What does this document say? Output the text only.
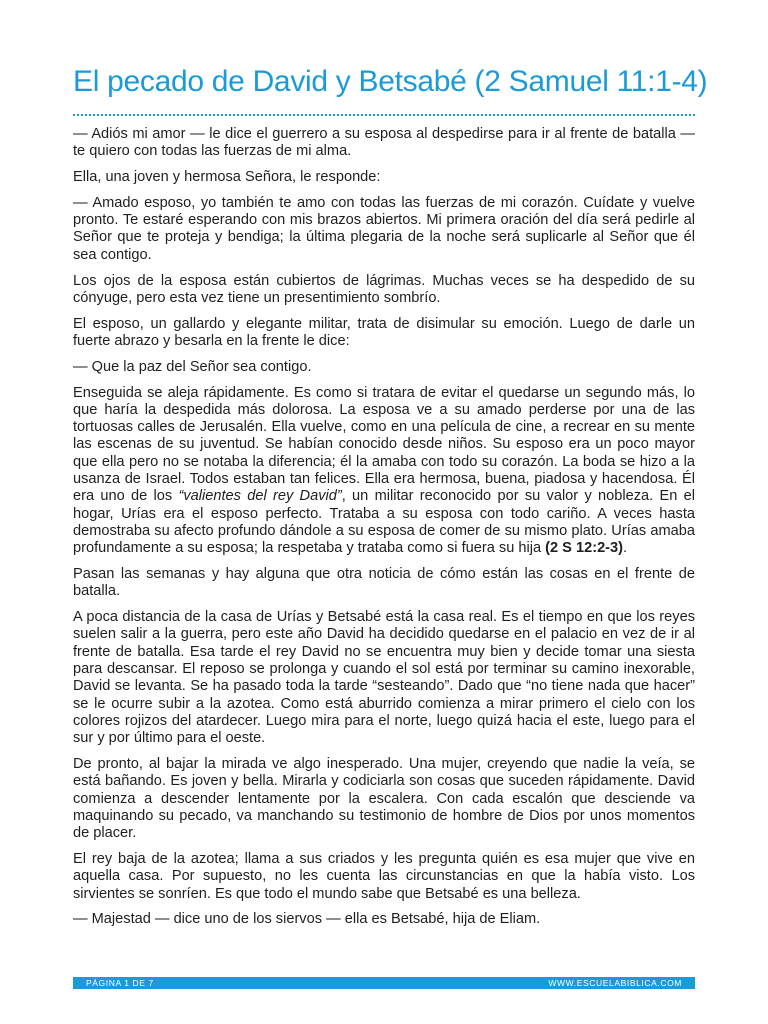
El pecado de David y Betsabé (2 Samuel 11:1-4)

— Adiós mi amor — le dice el guerrero a su esposa al despedirse para ir al frente de batalla — te quiero con todas las fuerzas de mi alma.

Ella, una joven y hermosa Señora, le responde:

— Amado esposo, yo también te amo con todas las fuerzas de mi corazón. Cuídate y vuelve pronto. Te estaré esperando con mis brazos abiertos. Mi primera oración del día será pedirle al Señor que te proteja y bendiga; la última plegaria de la noche será suplicarle al Señor que él sea contigo.

Los ojos de la esposa están cubiertos de lágrimas. Muchas veces se ha despedido de su cónyuge, pero esta vez tiene un presentimiento sombrío.

El esposo, un gallardo y elegante militar, trata de disimular su emoción. Luego de darle un fuerte abrazo y besarla en la frente le dice:

— Que la paz del Señor sea contigo.

Enseguida se aleja rápidamente. Es como si tratara de evitar el quedarse un segundo más, lo que haría la despedida más dolorosa. La esposa ve a su amado perderse por una de las tortuosas calles de Jerusalén. Ella vuelve, como en una película de cine, a recrear en su mente las escenas de su juventud. Se habían conocido desde niños. Su esposo era un poco mayor que ella pero no se notaba la diferencia; él la amaba con todo su corazón. La boda se hizo a la usanza de Israel. Todos estaban tan felices. Ella era hermosa, buena, piadosa y hacendosa. Él era uno de los “valientes del rey David”, un militar reconocido por su valor y nobleza. En el hogar, Urías era el esposo perfecto. Trataba a su esposa con todo cariño. A veces hasta demostraba su afecto profundo dándole a su esposa de comer de su mismo plato. Urías amaba profundamente a su esposa; la respetaba y trataba como si fuera su hija (2 S 12:2-3).

Pasan las semanas y hay alguna que otra noticia de cómo están las cosas en el frente de batalla.

A poca distancia de la casa de Urías y Betsabé está la casa real. Es el tiempo en que los reyes suelen salir a la guerra, pero este año David ha decidido quedarse en el palacio en vez de ir al frente de batalla. Esa tarde el rey David no se encuentra muy bien y decide tomar una siesta para descansar. El reposo se prolonga y cuando el sol está por terminar su camino inexorable, David se levanta. Se ha pasado toda la tarde “sesteando”. Dado que “no tiene nada que hacer” se le ocurre subir a la azotea. Como está aburrido comienza a mirar primero el cielo con los colores rojizos del atardecer. Luego mira para el norte, luego quizá hacia el este, luego para el sur y por último para el oeste.

De pronto, al bajar la mirada ve algo inesperado. Una mujer, creyendo que nadie la veía, se está bañando. Es joven y bella. Mirarla y codiciarla son cosas que suceden rápidamente. David comienza a descender lentamente por la escalera. Con cada escalón que desciende va maquinando su pecado, va manchando su testimonio de hombre de Dios por unos momentos de placer.

El rey baja de la azotea; llama a sus criados y les pregunta quién es esa mujer que vive en aquella casa. Por supuesto, no les cuenta las circunstancias en que la había visto. Los sirvientes se sonríen. Es que todo el mundo sabe que Betsabé es una belleza.

— Majestad — dice uno de los siervos — ella es Betsabé, hija de Eliam.

PÁGINA 1 DE 7	WWW.ESCUELABIBLICA.COM
